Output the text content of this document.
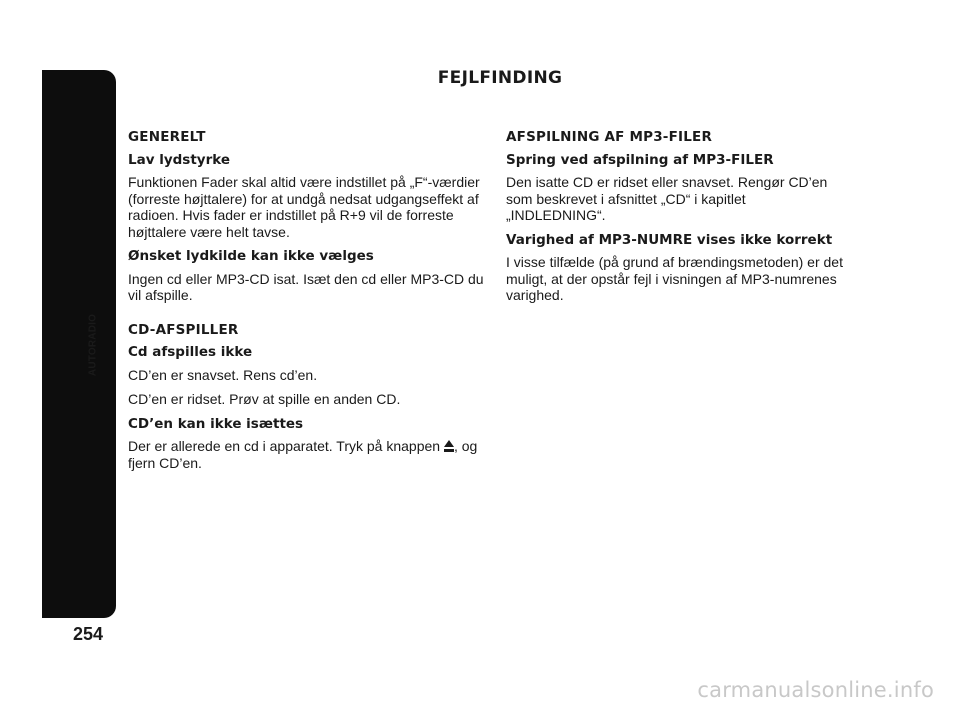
AUTORADIO
254
FEJLFINDING
GENERELT
Lav lydstyrke
Funktionen Fader skal altid være indstillet på „F“-værdier (forreste højttalere) for at undgå nedsat udgangseffekt af radioen. Hvis fader er indstillet på R+9 vil de forreste højttalere være helt tavse.
Ønsket lydkilde kan ikke vælges
Ingen cd eller MP3-CD isat. Isæt den cd eller MP3-CD du vil afspille.
CD-AFSPILLER
Cd afspilles ikke
CD’en er snavset. Rens cd’en.
CD’en er ridset. Prøv at spille en anden CD.
CD’en kan ikke isættes
Der er allerede en cd i apparatet. Tryk på knappen , og fjern CD’en.
AFSPILNING AF MP3-FILER
Spring ved afspilning af MP3-FILER
Den isatte CD er ridset eller snavset. Rengør CD’en som beskrevet i afsnittet „CD“ i kapitlet „INDLEDNING“.
Varighed af MP3-NUMRE vises ikke korrekt
I visse tilfælde (på grund af brændingsmetoden) er det muligt, at der opstår fejl i visningen af MP3-numrenes varighed.
carmanualsonline.info
